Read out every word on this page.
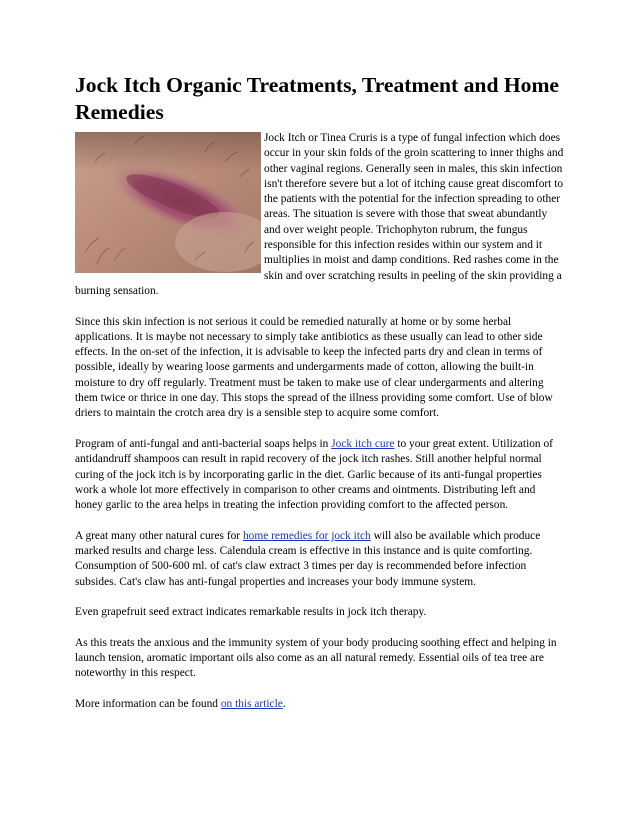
Jock Itch Organic Treatments, Treatment and Home Remedies
Jock Itch or Tinea Cruris is a type of fungal infection which does occur in your skin folds of the groin scattering to inner thighs and other vaginal regions. Generally seen in males, this skin infection isn't therefore severe but a lot of itching cause great discomfort to the patients with the potential for the infection spreading to other areas. The situation is severe with those that sweat abundantly and over weight people. Trichophyton rubrum, the fungus responsible for this infection resides within our system and it multiplies in moist and damp conditions. Red rashes come in the skin and over scratching results in peeling of the skin providing a burning sensation.

Since this skin infection is not serious it could be remedied naturally at home or by some herbal applications. It is maybe not necessary to simply take antibiotics as these usually can lead to other side effects. In the on-set of the infection, it is advisable to keep the infected parts dry and clean in terms of possible, ideally by wearing loose garments and undergarments made of cotton, allowing the built-in moisture to dry off regularly. Treatment must be taken to make use of clear undergarments and altering them twice or thrice in one day. This stops the spread of the illness providing some comfort. Use of blow driers to maintain the crotch area dry is a sensible step to acquire some comfort.

Program of anti-fungal and anti-bacterial soaps helps in Jock itch cure to your great extent. Utilization of antidandruff shampoos can result in rapid recovery of the jock itch rashes. Still another helpful normal curing of the jock itch is by incorporating garlic in the diet. Garlic because of its anti-fungal properties work a whole lot more effectively in comparison to other creams and ointments. Distributing left and honey garlic to the area helps in treating the infection providing comfort to the affected person.

A great many other natural cures for home remedies for jock itch will also be available which produce marked results and charge less. Calendula cream is effective in this instance and is quite comforting. Consumption of 500-600 ml. of cat's claw extract 3 times per day is recommended before infection subsides. Cat's claw has anti-fungal properties and increases your body immune system.

Even grapefruit seed extract indicates remarkable results in jock itch therapy.

As this treats the anxious and the immunity system of your body producing soothing effect and helping in launch tension, aromatic important oils also come as an all natural remedy. Essential oils of tea tree are noteworthy in this respect.

More information can be found on this article.
